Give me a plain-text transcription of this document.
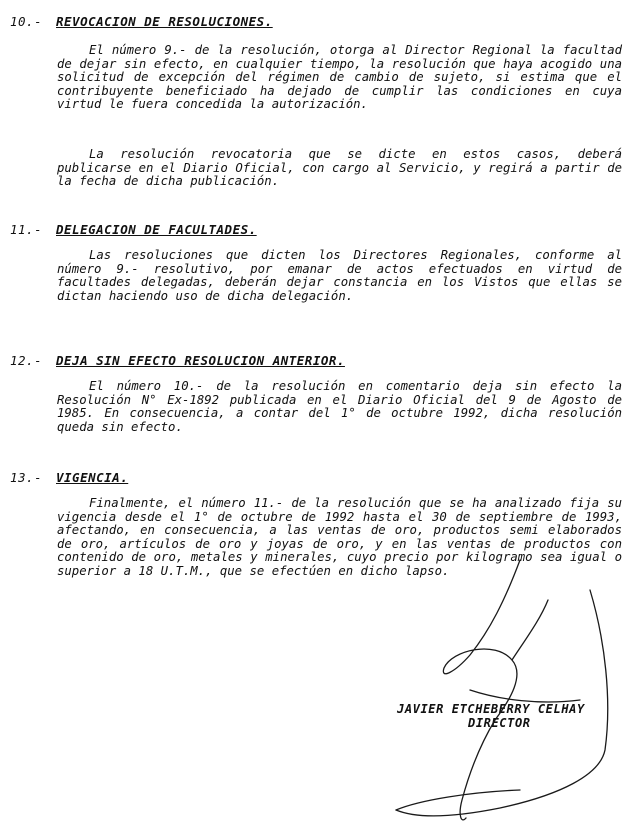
10.- REVOCACION DE RESOLUCIONES.

El número 9.- de la resolución, otorga al Director Regional la facultad de dejar sin efecto, en cualquier tiempo, la resolución que haya acogido una solicitud de excepción del régimen de cambio de sujeto, si estima que el contribuyente beneficiado ha dejado de cumplir las condiciones en cuya virtud le fuera concedida la autorización.

La resolución revocatoria que se dicte en estos casos, deberá publicarse en el Diario Oficial, con cargo al Servicio, y regirá a partir de la fecha de dicha publicación.

11.- DELEGACION DE FACULTADES.

Las resoluciones que dicten los Directores Regionales, conforme al número 9.- resolutivo, por emanar de actos efectuados en virtud de facultades delegadas, deberán dejar constancia en los Vistos que ellas se dictan haciendo uso de dicha delegación.

12.- DEJA SIN EFECTO RESOLUCION ANTERIOR.

El número 10.- de la resolución en comentario deja sin efecto la Resolución N° Ex-1892 publicada en el Diario Oficial del 9 de Agosto de 1985. En consecuencia, a contar del 1° de octubre 1992, dicha resolución queda sin efecto.

13.- VIGENCIA.

Finalmente, el número 11.- de la resolución que se ha analizado fija su vigencia desde el 1° de octubre de 1992 hasta el 30 de septiembre de 1993, afectando, en consecuencia, a las ventas de oro, productos semi elaborados de oro, artículos de oro y joyas de oro, y en las ventas de productos con contenido de oro, metales y minerales, cuyo precio por kilogramo sea igual o superior a 18 U.T.M., que se efectúen en dicho lapso.

JAVIER ETCHEBERRY CELHAY
DIRECTOR
